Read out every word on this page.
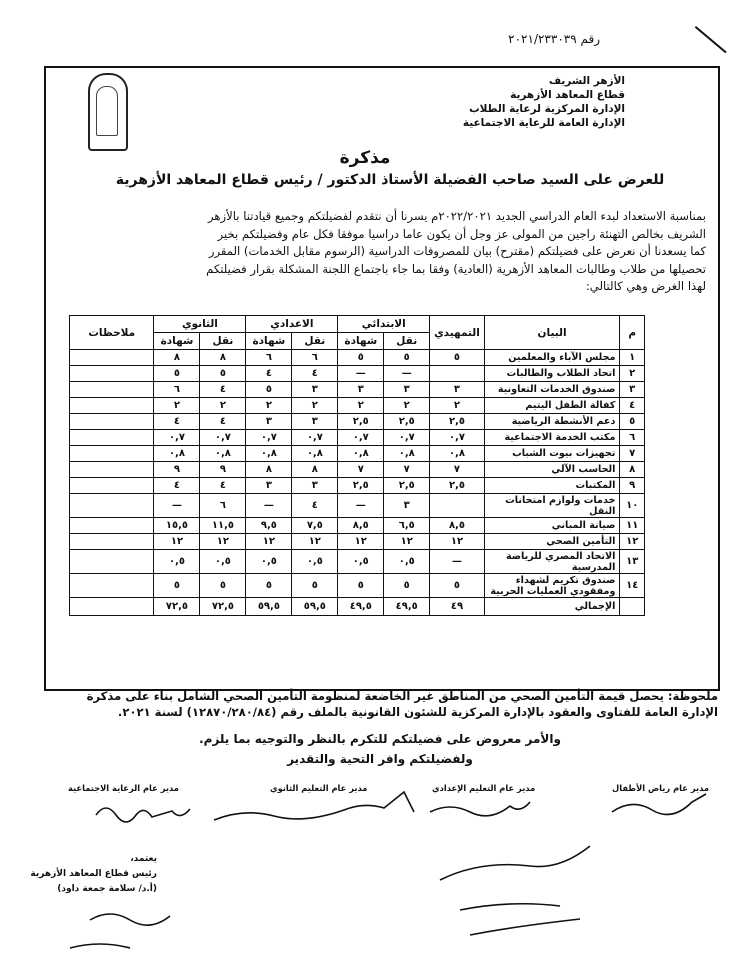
رقم ٢٠٢١/٢٣٣٠٣٩
الأزهر الشريف
قطاع المعاهد الأزهرية
الإدارة المركزية لرعاية الطلاب
الإدارة العامة للرعاية الاجتماعية
مذكرة
للعرض على السيد صاحب الفضيلة الأستاذ الدكتور / رئيس قطاع المعاهد الأزهرية
بمناسبة الاستعداد لبدء العام الدراسي الجديد ٢٠٢٢/٢٠٢١م يسرنا أن نتقدم لفضيلتكم وجميع قيادتنا بالأزهر
الشريف بخالص التهنئة راجين من المولى عز وجل أن يكون عاما دراسيا موفقا فكل عام وفضيلتكم بخير
كما يسعدنا أن نعرض على فضيلتكم (مقترح) بيان للمصروفات الدراسية (الرسوم مقابل الخدمات) المقرر
تحصيلها من طلاب وطالبات المعاهد الأزهرية (العادية) وفقا بما جاء باجتماع اللجنة المشكلة بقرار فضيلتكم
لهذا الغرض وهي كالتالي:
م	البيان	التمهيدي	الابتدائي		الاعدادي		الثانوي		ملاحظات
			نقل	شهادة	نقل	شهادة	نقل	شهادة	
١	مجلس الآباء والمعلمين	٥	٥	٥	٦	٦	٨	٨	
٢	اتحاد الطلاب والطالبات		—	—	٤	٤	٥	٥	
٣	صندوق الخدمات التعاونية	٣	٣	٣	٣	٥	٤	٦	
٤	كفالة الطفل اليتيم	٢	٢	٢	٢	٢	٢	٢	
٥	دعم الأنشطة الرياضية	٢,٥	٢,٥	٢,٥	٣	٣	٤	٤	
٦	مكتب الخدمة الاجتماعية	٠,٧	٠,٧	٠,٧	٠,٧	٠,٧	٠,٧	٠,٧	
٧	تجهيزات بيوت الشباب	٠,٨	٠,٨	٠,٨	٠,٨	٠,٨	٠,٨	٠,٨	
٨	الحاسب الآلي	٧	٧	٧	٨	٨	٩	٩	
٩	المكتبات	٢,٥	٢,٥	٢,٥	٣	٣	٤	٤	
١٠	خدمات ولوازم امتحانات النقل		٣	—	٤	—	٦	—	
١١	صيانة المباني	٨,٥	٦,٥	٨,٥	٧,٥	٩,٥	١١,٥	١٥,٥	
١٢	التأمين الصحي	١٢	١٢	١٢	١٢	١٢	١٢	١٢	
١٣	الاتحاد المصري للرياضة المدرسية	—	٠,٥	٠,٥	٠,٥	٠,٥	٠,٥	٠,٥	
١٤	صندوق تكريم لشهداء ومفقودي العمليات الحربية	٥	٥	٥	٥	٥	٥	٥	
	الإجمالي	٤٩	٤٩,٥	٤٩,٥	٥٩,٥	٥٩,٥	٧٢,٥	٧٢,٥	
ملحوظة: يحصل قيمة التأمين الصحي من المناطق غير الخاضعة لمنظومة التأمين الصحي الشامل بناء على مذكرة
الإدارة العامة للفتاوى والعقود بالإدارة المركزية للشئون القانونية بالملف رقم (١٢٨٧٠/٢٨٠/٨٤) لسنة ٢٠٢١.
والأمر معروض على فضيلتكم للتكرم بالنظر والتوجيه بما يلزم.
ولفضيلتكم وافر التحية والتقدير
مدير عام الرعاية الاجتماعية	مدير عام التعليم الثانوي	مدير عام التعليم الإعدادي	مدير عام رياض الأطفال
يعتمد،
رئيس قطاع المعاهد الأزهرية
(أ.د/ سلامة جمعة داود)
